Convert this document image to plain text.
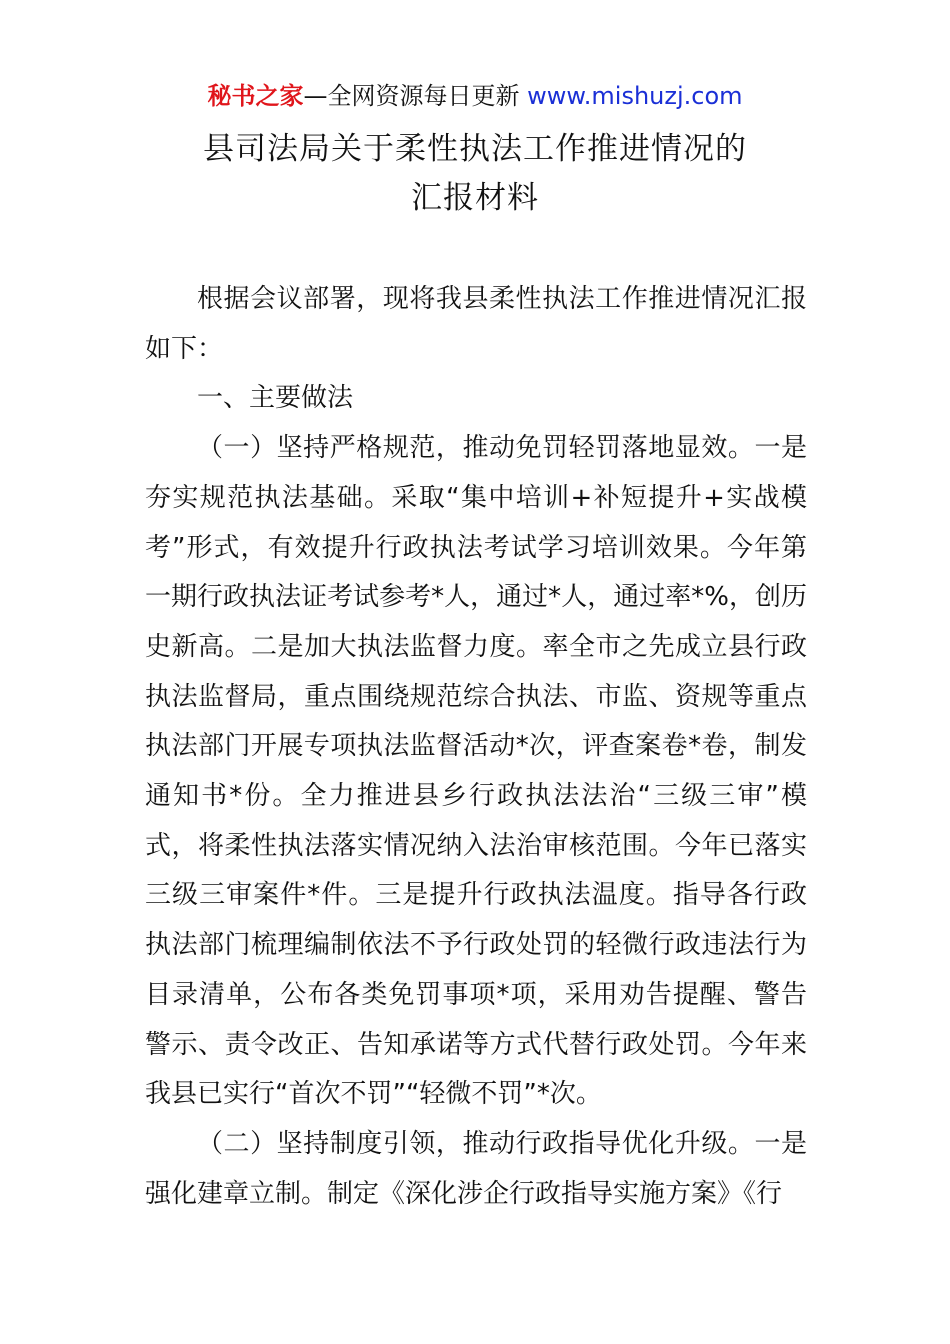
秘书之家—全网资源每日更新 www.mishuzj.com
县司法局关于柔性执法工作推进情况的
汇报材料

根据会议部署，现将我县柔性执法工作推进情况汇报如下：

一、主要做法

（一）坚持严格规范，推动免罚轻罚落地显效。一是夯实规范执法基础。采取“集中培训+补短提升+实战模考”形式，有效提升行政执法考试学习培训效果。今年第一期行政执法证考试参考*人，通过*人，通过率*%，创历史新高。二是加大执法监督力度。率全市之先成立县行政执法监督局，重点围绕规范综合执法、市监、资规等重点执法部门开展专项执法监督活动*次，评查案卷*卷，制发通知书*份。全力推进县乡行政执法法治“三级三审”模式，将柔性执法落实情况纳入法治审核范围。今年已落实三级三审案件*件。三是提升行政执法温度。指导各行政执法部门梳理编制依法不予行政处罚的轻微行政违法行为目录清单，公布各类免罚事项*项，采用劝告提醒、警告警示、责令改正、告知承诺等方式代替行政处罚。今年来我县已实行“首次不罚”“轻微不罚”*次。

（二）坚持制度引领，推动行政指导优化升级。一是强化建章立制。制定《深化涉企行政指导实施方案》《行
